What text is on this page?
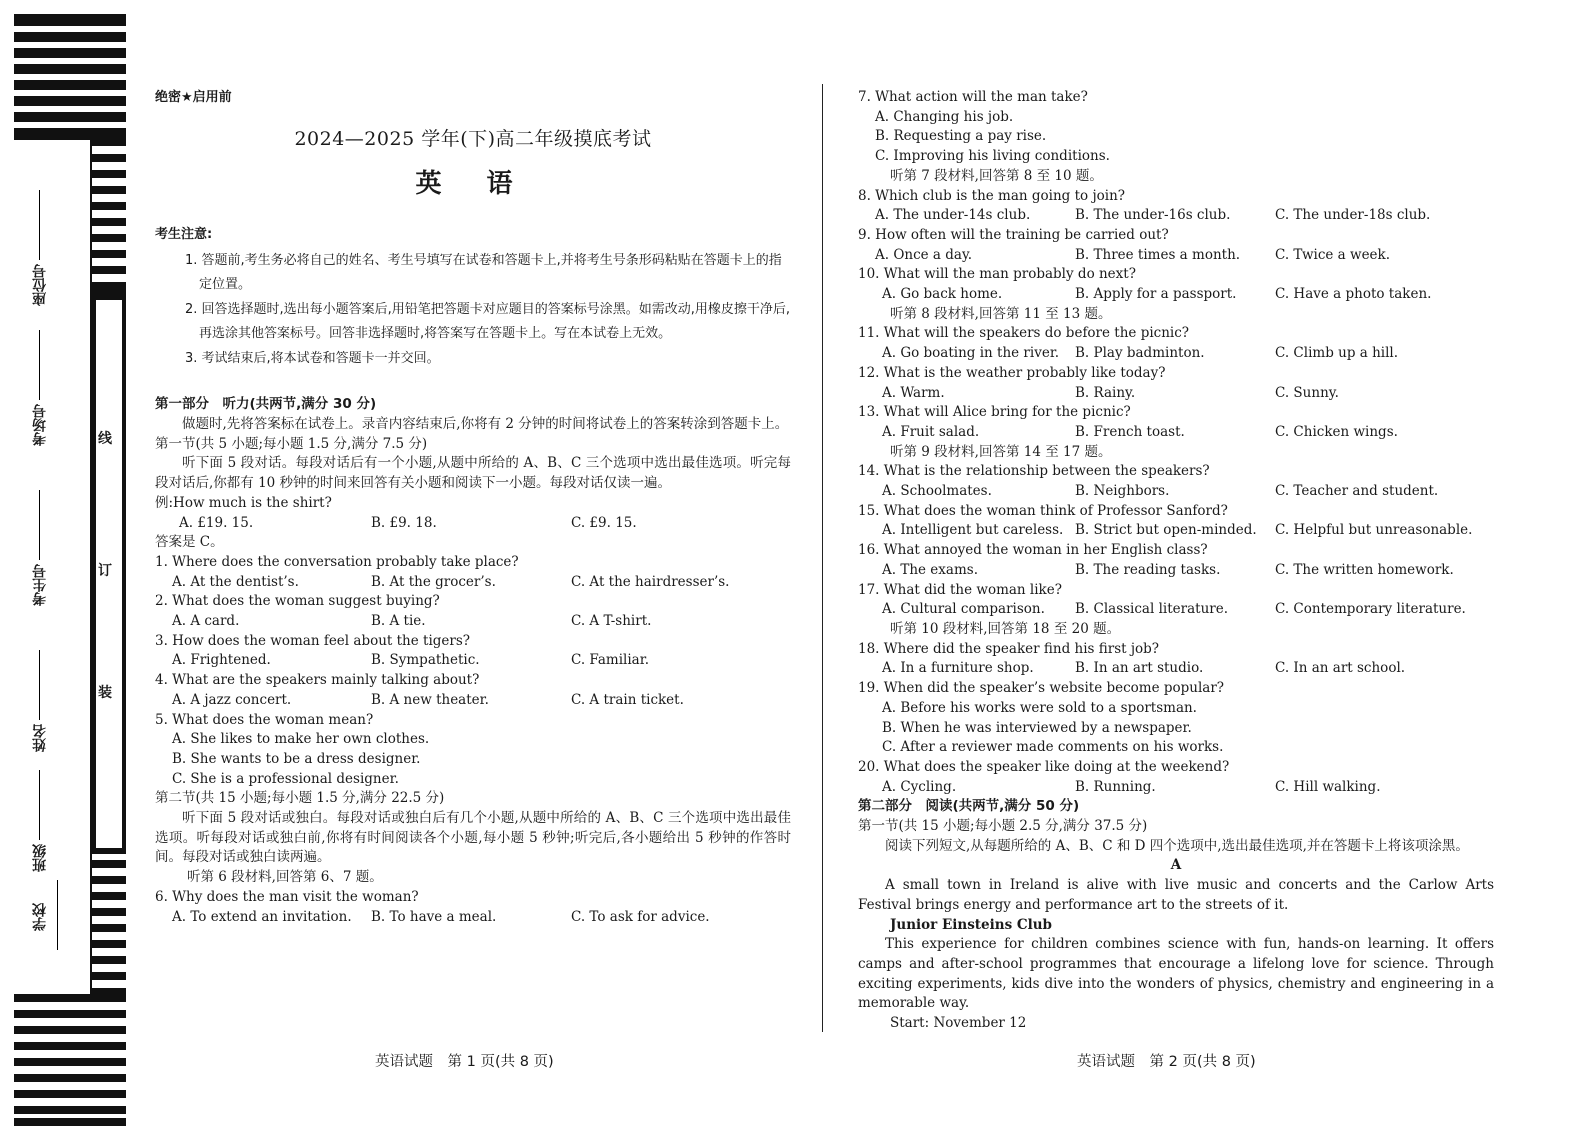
座位号
考场号
考生号
姓名
班级
学校
线
订
装
绝密★启用前
2024—2025 学年(下)高二年级摸底考试
英 语
考生注意:
1. 答题前,考生务必将自己的姓名、考生号填写在试卷和答题卡上,并将考生号条形码粘贴在答题卡上的指定位置。
2. 回答选择题时,选出每小题答案后,用铅笔把答题卡对应题目的答案标号涂黑。如需改动,用橡皮擦干净后,再选涂其他答案标号。回答非选择题时,将答案写在答题卡上。写在本试卷上无效。
3. 考试结束后,将本试卷和答题卡一并交回。
第一部分　听力(共两节,满分 30 分)
做题时,先将答案标在试卷上。录音内容结束后,你将有 2 分钟的时间将试卷上的答案转涂到答题卡上。
第一节(共 5 小题;每小题 1.5 分,满分 7.5 分)
听下面 5 段对话。每段对话后有一个小题,从题中所给的 A、B、C 三个选项中选出最佳选项。听完每段对话后,你都有 10 秒钟的时间来回答有关小题和阅读下一小题。每段对话仅读一遍。
例:How much is the shirt?
A. £19. 15.	B. £9. 18.	C. £9. 15.
答案是 C。
1. Where does the conversation probably take place?
A. At the dentist’s.	B. At the grocer’s.	C. At the hairdresser’s.
2. What does the woman suggest buying?
A. A card.	B. A tie.	C. A T-shirt.
3. How does the woman feel about the tigers?
A. Frightened.	B. Sympathetic.	C. Familiar.
4. What are the speakers mainly talking about?
A. A jazz concert.	B. A new theater.	C. A train ticket.
5. What does the woman mean?
A. She likes to make her own clothes.
B. She wants to be a dress designer.
C. She is a professional designer.
第二节(共 15 小题;每小题 1.5 分,满分 22.5 分)
听下面 5 段对话或独白。每段对话或独白后有几个小题,从题中所给的 A、B、C 三个选项中选出最佳选项。听每段对话或独白前,你将有时间阅读各个小题,每小题 5 秒钟;听完后,各小题给出 5 秒钟的作答时间。每段对话或独白读两遍。
听第 6 段材料,回答第 6、7 题。
6. Why does the man visit the woman?
A. To extend an invitation.	B. To have a meal.	C. To ask for advice.
7. What action will the man take?
A. Changing his job.
B. Requesting a pay rise.
C. Improving his living conditions.
听第 7 段材料,回答第 8 至 10 题。
8. Which club is the man going to join?
A. The under-14s club.	B. The under-16s club.	C. The under-18s club.
9. How often will the training be carried out?
A. Once a day.	B. Three times a month.	C. Twice a week.
10. What will the man probably do next?
A. Go back home.	B. Apply for a passport.	C. Have a photo taken.
听第 8 段材料,回答第 11 至 13 题。
11. What will the speakers do before the picnic?
A. Go boating in the river.	B. Play badminton.	C. Climb up a hill.
12. What is the weather probably like today?
A. Warm.	B. Rainy.	C. Sunny.
13. What will Alice bring for the picnic?
A. Fruit salad.	B. French toast.	C. Chicken wings.
听第 9 段材料,回答第 14 至 17 题。
14. What is the relationship between the speakers?
A. Schoolmates.	B. Neighbors.	C. Teacher and student.
15. What does the woman think of Professor Sanford?
A. Intelligent but careless. B. Strict but open-minded.	C. Helpful but unreasonable.
16. What annoyed the woman in her English class?
A. The exams.	B. The reading tasks.	C. The written homework.
17. What did the woman like?
A. Cultural comparison.	B. Classical literature.	C. Contemporary literature.
听第 10 段材料,回答第 18 至 20 题。
18. Where did the speaker find his first job?
A. In a furniture shop.	B. In an art studio.	C. In an art school.
19. When did the speaker’s website become popular?
A. Before his works were sold to a sportsman.
B. When he was interviewed by a newspaper.
C. After a reviewer made comments on his works.
20. What does the speaker like doing at the weekend?
A. Cycling.	B. Running.	C. Hill walking.
第二部分　阅读(共两节,满分 50 分)
第一节(共 15 小题;每小题 2.5 分,满分 37.5 分)
阅读下列短文,从每题所给的 A、B、C 和 D 四个选项中,选出最佳选项,并在答题卡上将该项涂黑。
A
A small town in Ireland is alive with live music and concerts and the Carlow Arts Festival brings energy and performance art to the streets of it.
Junior Einsteins Club
This experience for children combines science with fun, hands-on learning. It offers camps and after-school programmes that encourage a lifelong love for science. Through exciting experiments, kids dive into the wonders of physics, chemistry and engineering in a memorable way.
Start: November 12
英语试题　第 1 页(共 8 页)	英语试题　第 2 页(共 8 页)
